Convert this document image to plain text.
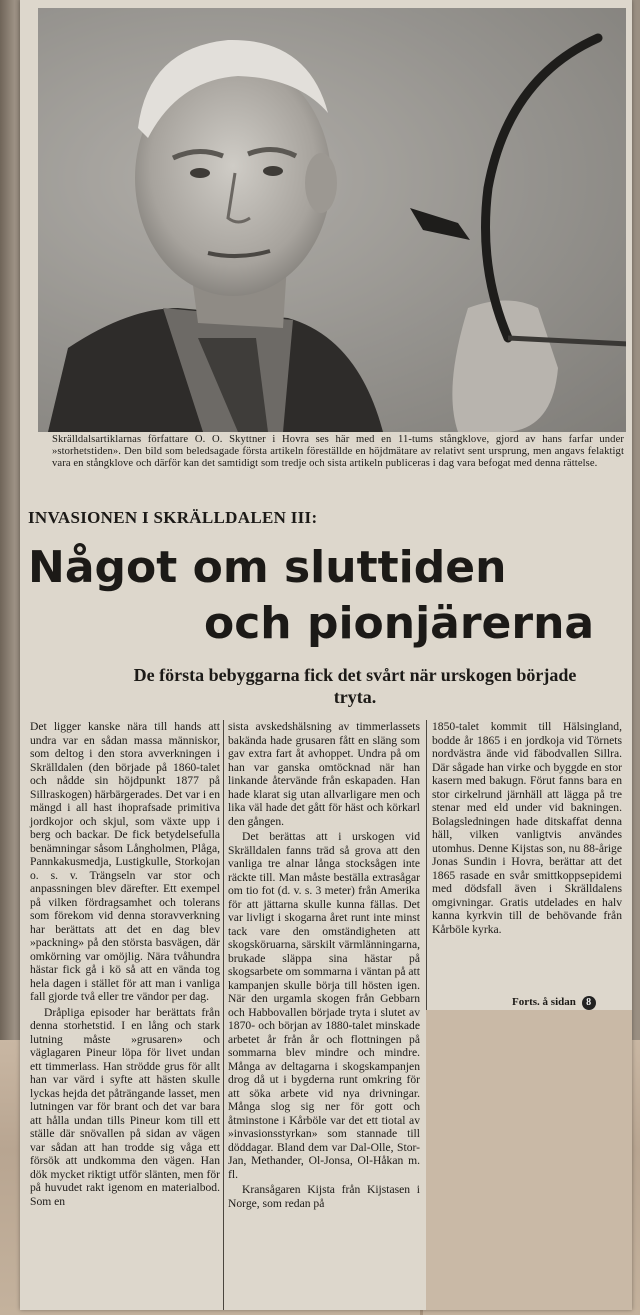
Skrälldalsartiklarnas författare O. O. Skyttner i Hovra ses här med en 11-tums stångklove, gjord av hans farfar under »storhetstiden». Den bild som beledsagade första artikeln föreställde en höjdmätare av relativt sent ursprung, men angavs felaktigt vara en stångklove och därför kan det samtidigt som tredje och sista artikeln publiceras i dag vara befogat med denna rättelse.
INVASIONEN I SKRÄLLDALEN III:
Något om sluttiden
och pionjärerna
De första bebyggarna fick det svårt när urskogen började tryta.

Det ligger kanske nära till hands att undra var en sådan massa människor, som deltog i den stora avverkningen i Skrälldalen (den började på 1860-talet och nådde sin höjdpunkt 1877 på Sillraskogen) härbärgerades. Det var i en mängd i all hast ihoprafsade primitiva jordkojor och skjul, som växte upp i berg och backar. De fick betydelsefulla benämningar såsom Långholmen, Plåga, Pannkakusmedja, Lustigkulle, Storkojan o. s. v. Trängseln var stor och anpassningen blev därefter. Ett exempel på vilken fördragsamhet och tolerans som förekom vid denna storavverkning har berättats att det en dag blev »packning» på den största basvägen, där omkörning var omöjlig. Nära tvåhundra hästar fick gå i kö så att en vända tog hela dagen i stället för att man i vanliga fall gjorde två eller tre vändor per dag.

Dråpliga episoder har berättats från denna storhetstid. I en lång och stark lutning måste »grusaren» och väglagaren Pineur löpa för livet undan ett timmerlass. Han strödde grus för allt han var värd i syfte att hästen skulle lyckas hejda det påträngande lasset, men lutningen var för brant och det var bara att hålla undan tills Pineur kom till ett ställe där snövallen på sidan av vägen var sådan att han trodde sig våga ett försök att undkomma den vägen. Han dök mycket riktigt utför slänten, men för på huvudet rakt igenom en materialbod. Som en

sista avskedshälsning av timmerlassets bakända hade grusaren fått en släng som gav extra fart åt avhoppet. Undra på om han var ganska omtöcknad när han linkande återvände från eskapaden. Han hade klarat sig utan allvarligare men och lika väl hade det gått för häst och körkarl den gången.

Det berättas att i urskogen vid Skrälldalen fanns träd så grova att den vanliga tre alnar långa stocksågen inte räckte till. Man måste beställa extrasågar om tio fot (d. v. s. 3 meter) från Amerika för att jättarna skulle kunna fällas. Det var livligt i skogarna året runt inte minst tack vare den omständigheten att skogsköruarna, särskilt värmlänningarna, brukade släppa sina hästar på skogsarbete om sommarna i väntan på att kampanjen skulle börja till hösten igen. När den urgamla skogen från Gebbarn och Habbovallen började tryta i slutet av 1870- och början av 1880-talet minskade arbetet år från år och flottningen på sommarna blev mindre och mindre. Många av deltagarna i skogskampanjen drog då ut i bygderna runt omkring för att söka arbete vid nya drivningar. Många slog sig ner för gott och åtminstone i Kårböle var det ett tiotal av »invasionsstyrkan» som stannade till döddagar. Bland dem var Dal-Olle, Stor-Jan, Methander, Ol-Jonsa, Ol-Håkan m. fl.

Kransågaren Kijsta från Kijstasen i Norge, som redan på

1850-talet kommit till Hälsingland, bodde år 1865 i en jordkoja vid Törnets nordvästra ände vid fäbodvallen Sillra. Där sågade han virke och byggde en stor kasern med bakugn. Förut fanns bara en stor cirkelrund järnhäll att lägga på tre stenar med eld under vid bakningen. Bolagsledningen hade ditskaffat denna häll, vilken vanligtvis användes utomhus. Denne Kijstas son, nu 88-årige Jonas Sundin i Hovra, berättar att det 1865 rasade en svår smittkoppsepidemi med dödsfall även i Skrälldalens omgivningar. Gratis utdelades en halv kanna kyrkvin till de behövande från Kårböle kyrka.

Forts. å sidan 8
